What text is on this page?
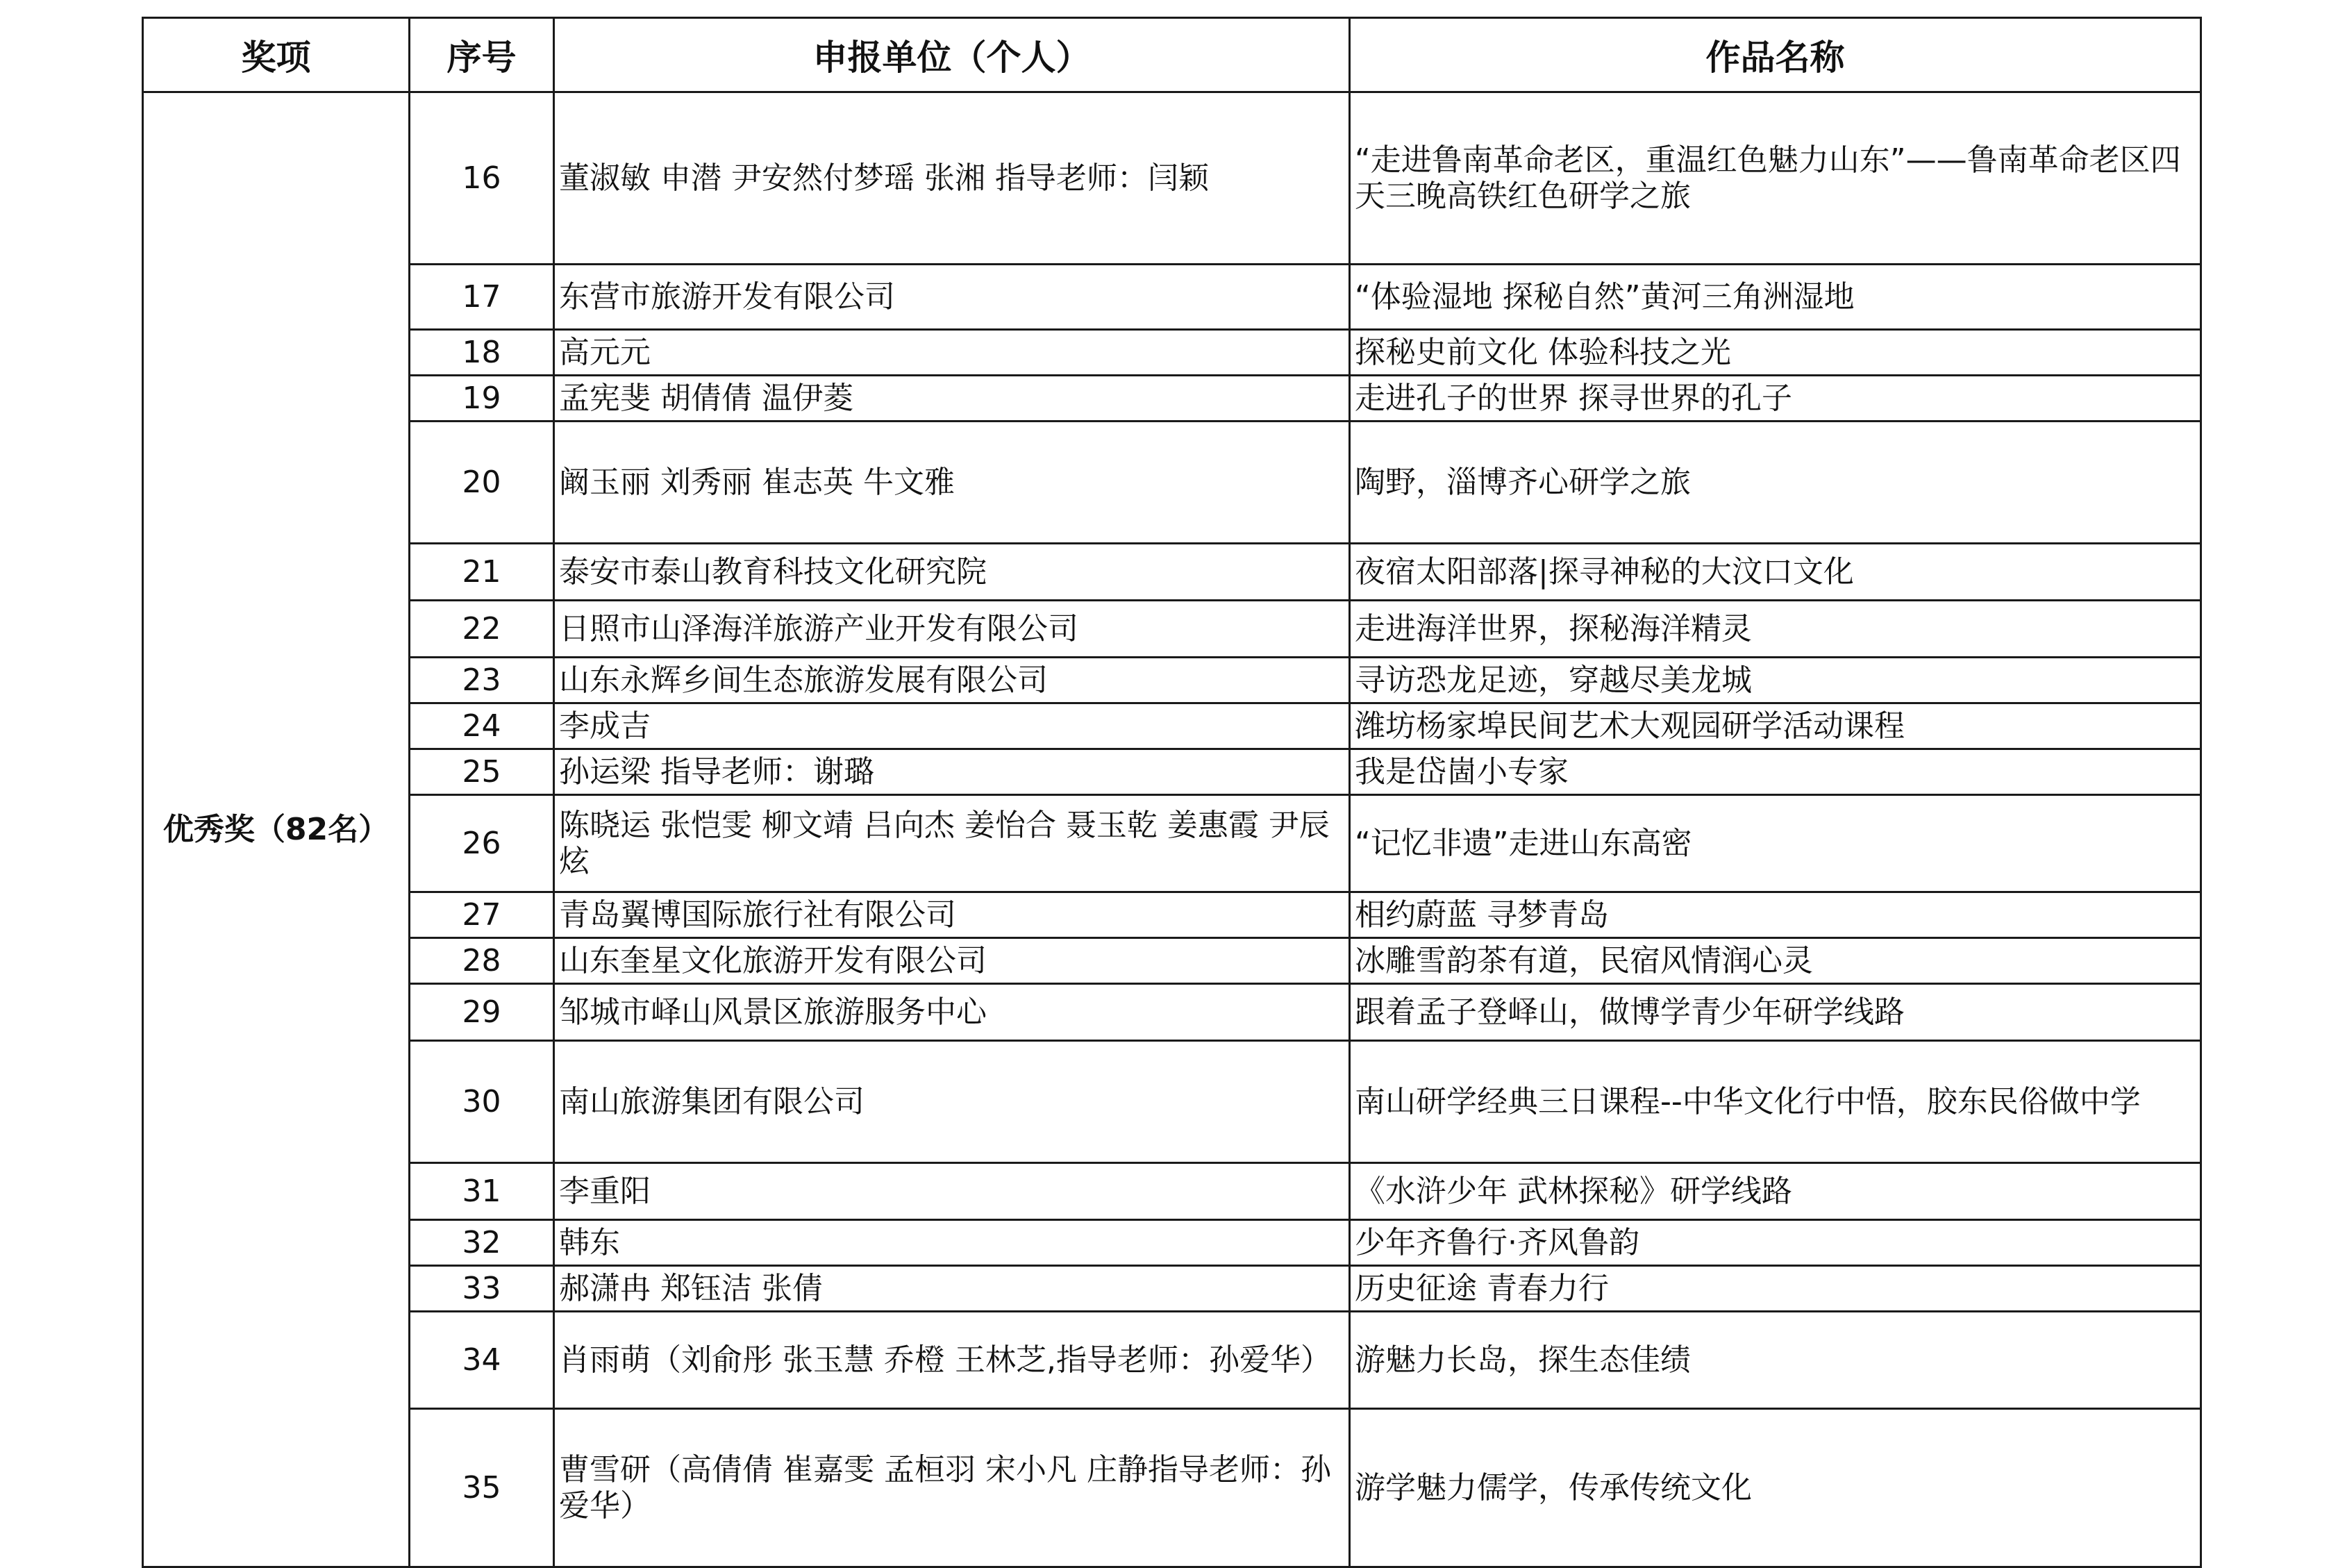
奖项	序号	申报单位（个人）	作品名称
优秀奖（82名）	16	董淑敏 申潜 尹安然付梦瑶 张湘 指导老师：闫颖	“走进鲁南革命老区，重温红色魅力山东”——鲁南革命老区四天三晚高铁红色研学之旅

	17	东营市旅游开发有限公司	“体验湿地 探秘自然”黄河三角洲湿地

	18	高元元	探秘史前文化 体验科技之光

	19	孟宪斐 胡倩倩 温伊菱	走进孔子的世界 探寻世界的孔子

	20	阚玉丽 刘秀丽 崔志英 牛文雅	陶野，淄博齐心研学之旅

	21	泰安市泰山教育科技文化研究院	夜宿太阳部落|探寻神秘的大汶口文化

	22	日照市山泽海洋旅游产业开发有限公司	走进海洋世界，探秘海洋精灵

	23	山东永辉乡间生态旅游发展有限公司	寻访恐龙足迹，穿越尽美龙城

	24	李成吉	潍坊杨家埠民间艺术大观园研学活动课程

	25	孙运梁 指导老师：谢璐	我是岱崮小专家

	26	陈晓运 张恺雯 柳文靖 吕向杰 姜怡合 聂玉乾 姜惠霞 尹辰炫	“记忆非遗”走进山东高密

	27	青岛翼博国际旅行社有限公司	相约蔚蓝 寻梦青岛

	28	山东奎星文化旅游开发有限公司	冰雕雪韵茶有道，民宿风情润心灵

	29	邹城市峄山风景区旅游服务中心	跟着孟子登峄山，做博学青少年研学线路

	30	南山旅游集团有限公司	南山研学经典三日课程--中华文化行中悟，胶东民俗做中学

	31	李重阳	《水浒少年 武林探秘》研学线路

	32	韩东	少年齐鲁行·齐风鲁韵

	33	郝潇冉 郑钰洁 张倩	历史征途 青春力行

	34	肖雨萌（刘俞彤 张玉慧 乔橙 王林芝,指导老师：孙爱华）	游魅力长岛，探生态佳绩

	35	曹雪研（高倩倩 崔嘉雯 孟桓羽 宋小凡 庄静指导老师：孙爱华）	游学魅力儒学，传承传统文化
